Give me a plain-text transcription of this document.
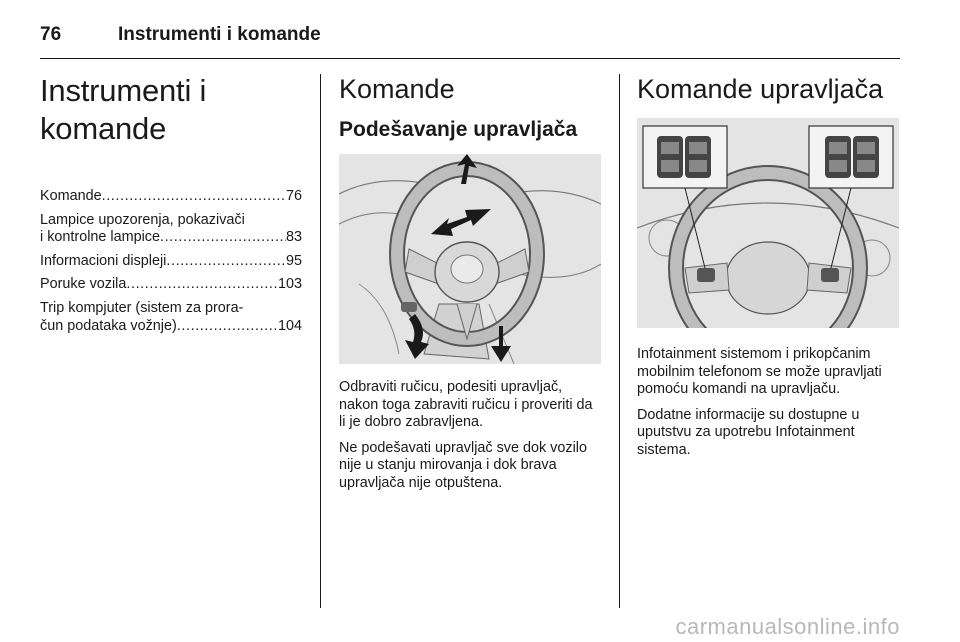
76	Instrumenti i komande
Instrumenti i komande
Komande .....	76
Lampice upozorenja, pokazivači
i kontrolne lampice .....	83
Informacioni displeji .....	95
Poruke vozila .....	103
Trip kompjuter (sistem za prora-
čun podataka vožnje) .....	104
Komande
Podešavanje upravljača

Odbraviti ručicu, podesiti upravljač, nakon toga zabraviti ručicu i proveriti da li je dobro zabravljena.

Ne podešavati upravljač sve dok vozilo nije u stanju mirovanja i dok brava upravljača nije otpuštena.

Komande upravljača

Infotainment sistemom i prikopčanim mobilnim telefonom se može upravljati pomoću komandi na upravljaču.

Dodatne informacije su dostupne u uputstvu za upotrebu Infotainment sistema.

carmanualsonline.info
